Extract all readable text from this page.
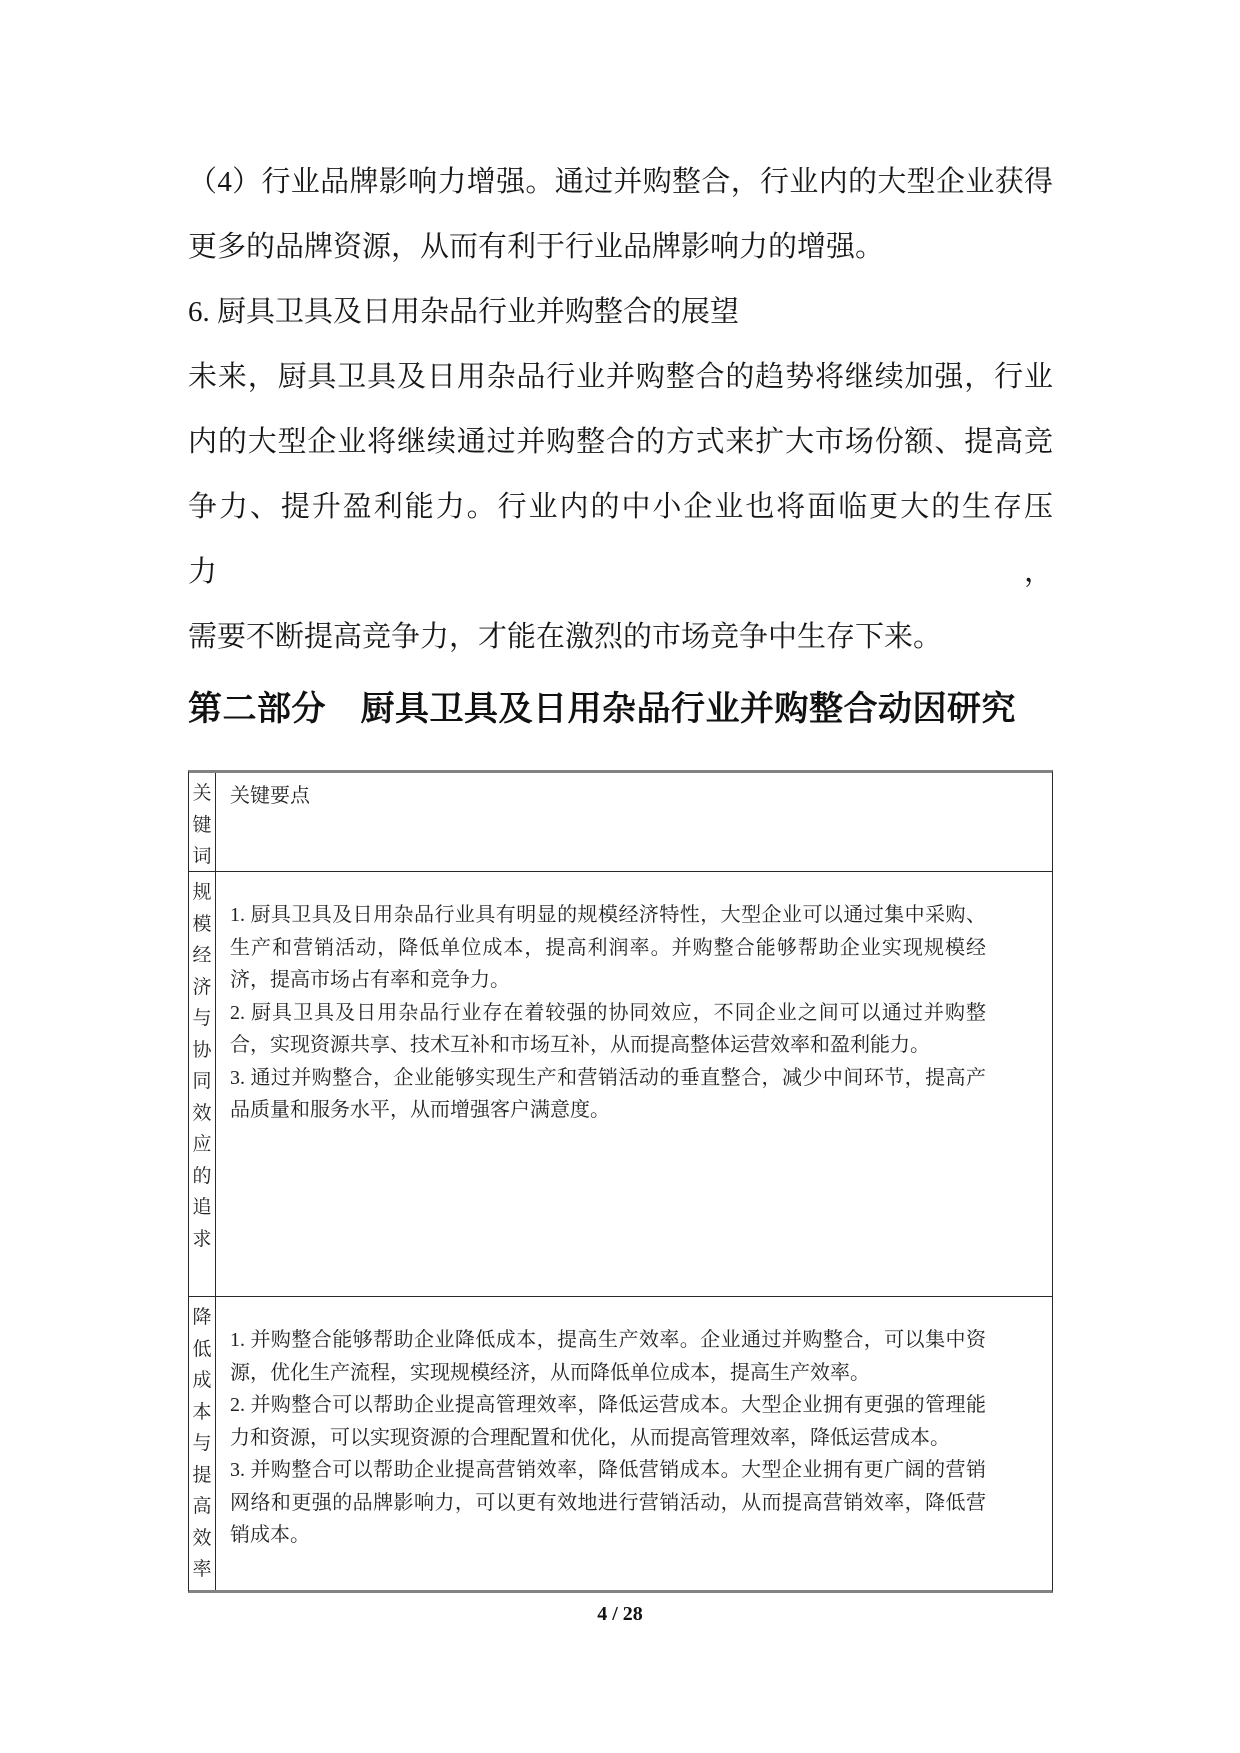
（4）行业品牌影响力增强。通过并购整合，行业内的大型企业获得
更多的品牌资源，从而有利于行业品牌影响力的增强。
6. 厨具卫具及日用杂品行业并购整合的展望
未来，厨具卫具及日用杂品行业并购整合的趋势将继续加强，行业
内的大型企业将继续通过并购整合的方式来扩大市场份额、提高竞
争力、提升盈利能力。行业内的中小企业也将面临更大的生存压力，
需要不断提高竞争力，才能在激烈的市场竞争中生存下来。
第二部分　厨具卫具及日用杂品行业并购整合动因研究
关
键
词

关键要点

规
模
经
济
与
协
同
效
应
的
追
求

1. 厨具卫具及日用杂品行业具有明显的规模经济特性，大型企业可以通过集中采购、生产和营销活动，降低单位成本，提高利润率。并购整合能够帮助企业实现规模经济，提高市场占有率和竞争力。

2. 厨具卫具及日用杂品行业存在着较强的协同效应，不同企业之间可以通过并购整合，实现资源共享、技术互补和市场互补，从而提高整体运营效率和盈利能力。

3. 通过并购整合，企业能够实现生产和营销活动的垂直整合，减少中间环节，提高产品质量和服务水平，从而增强客户满意度。

降
低
成
本
与
提
高
效
率

1. 并购整合能够帮助企业降低成本，提高生产效率。企业通过并购整合，可以集中资源，优化生产流程，实现规模经济，从而降低单位成本，提高生产效率。

2. 并购整合可以帮助企业提高管理效率，降低运营成本。大型企业拥有更强的管理能力和资源，可以实现资源的合理配置和优化，从而提高管理效率，降低运营成本。

3. 并购整合可以帮助企业提高营销效率，降低营销成本。大型企业拥有更广阔的营销网络和更强的品牌影响力，可以更有效地进行营销活动，从而提高营销效率，降低营销成本。

4 / 28
